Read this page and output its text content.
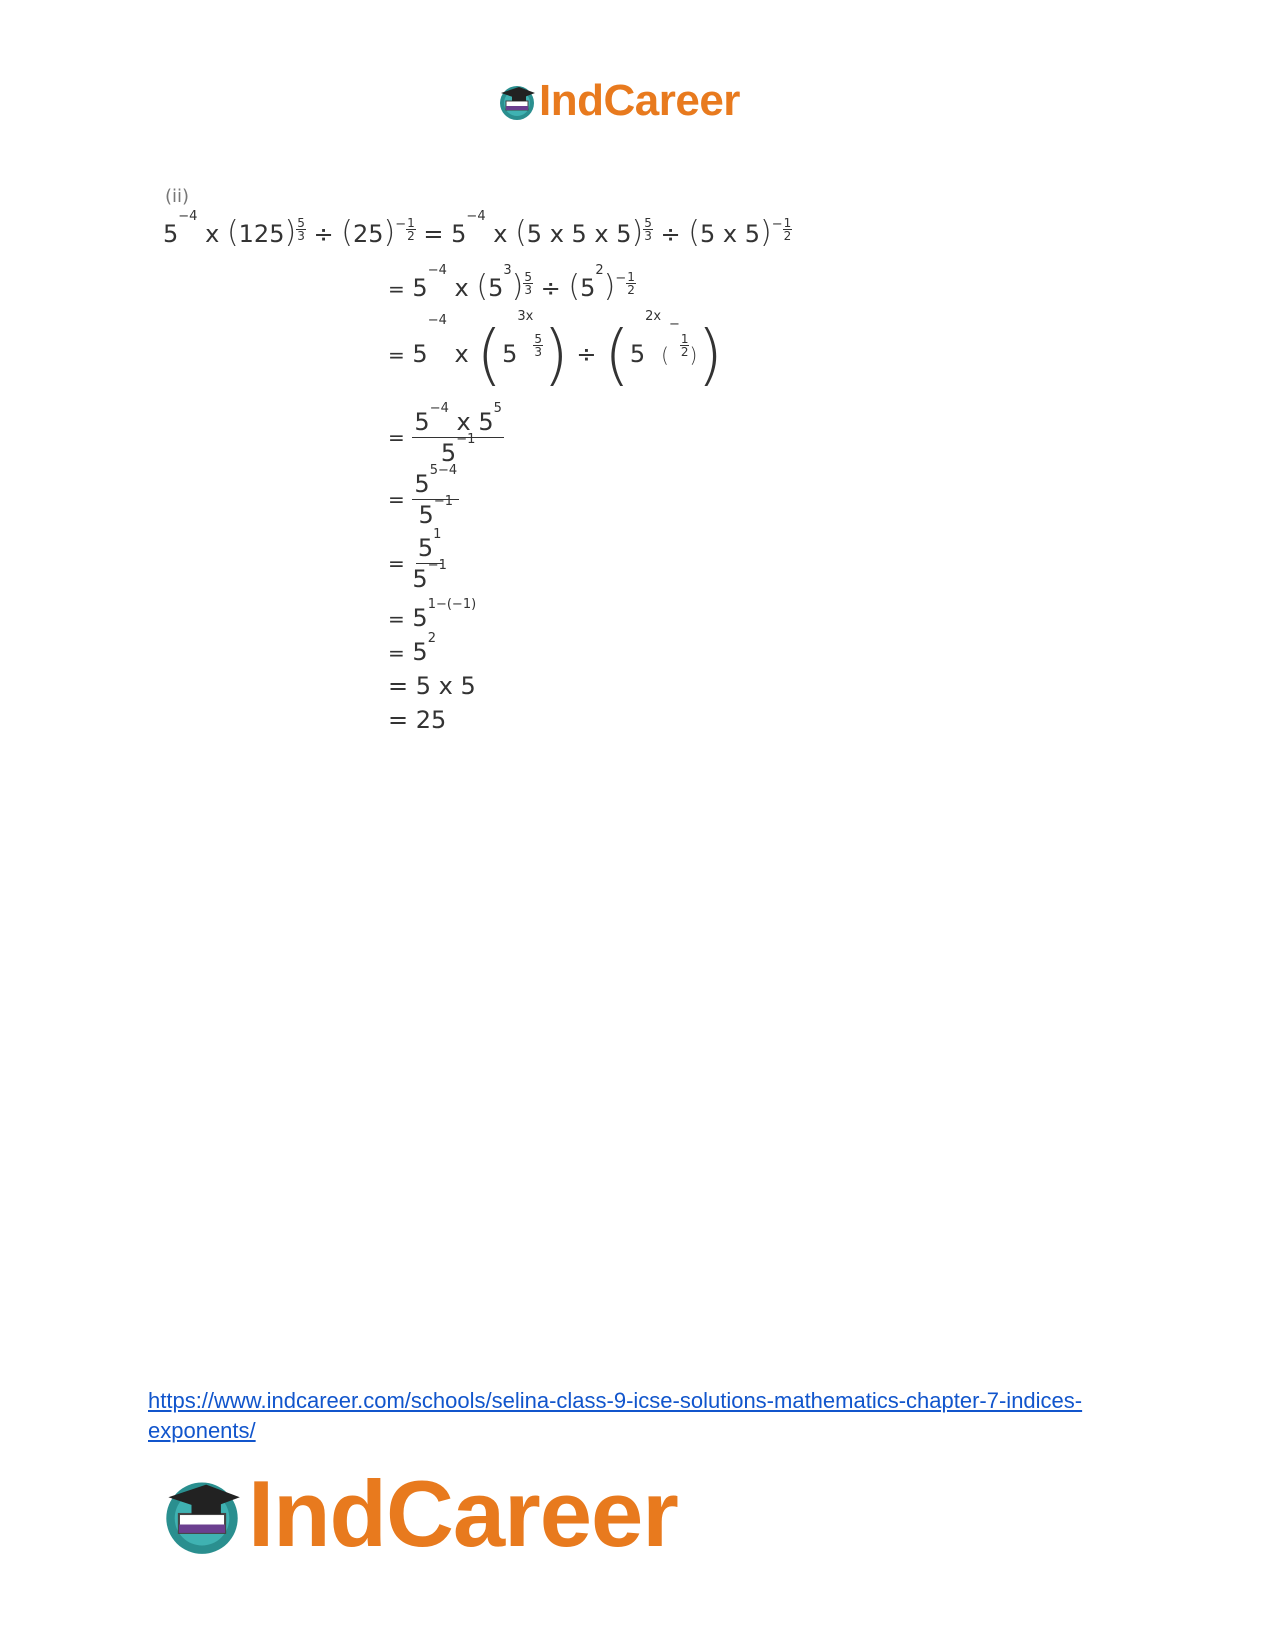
IndCareer
(ii)
5−4 x $(125) \frac{5}{3} \div (25)- \frac{1}{2} = 5-4$ x (5 x 5 x $5) \frac{5}{3} \div (5$ x $5)- \frac{1}{2}$
= 5−4 x $(53) \frac{5}{3} \div (52)- \frac{1}{2}$
= 5−4 x (53x
$\frac{5}{3}$ ) ÷ (52x(−
$\frac{1}{2}$ ))
= $\frac{5-4 x 55}{5-1}$
= $\frac{55-4}{5-1}$
= $\frac{51}{5-1}$
= 51−(−1)
= 52
= 5 x 5
= 25
https://www.indcareer.com/schools/selina-class-9-icse-solutions-mathematics-chapter-7-indices-
exponents/
IndCareer
